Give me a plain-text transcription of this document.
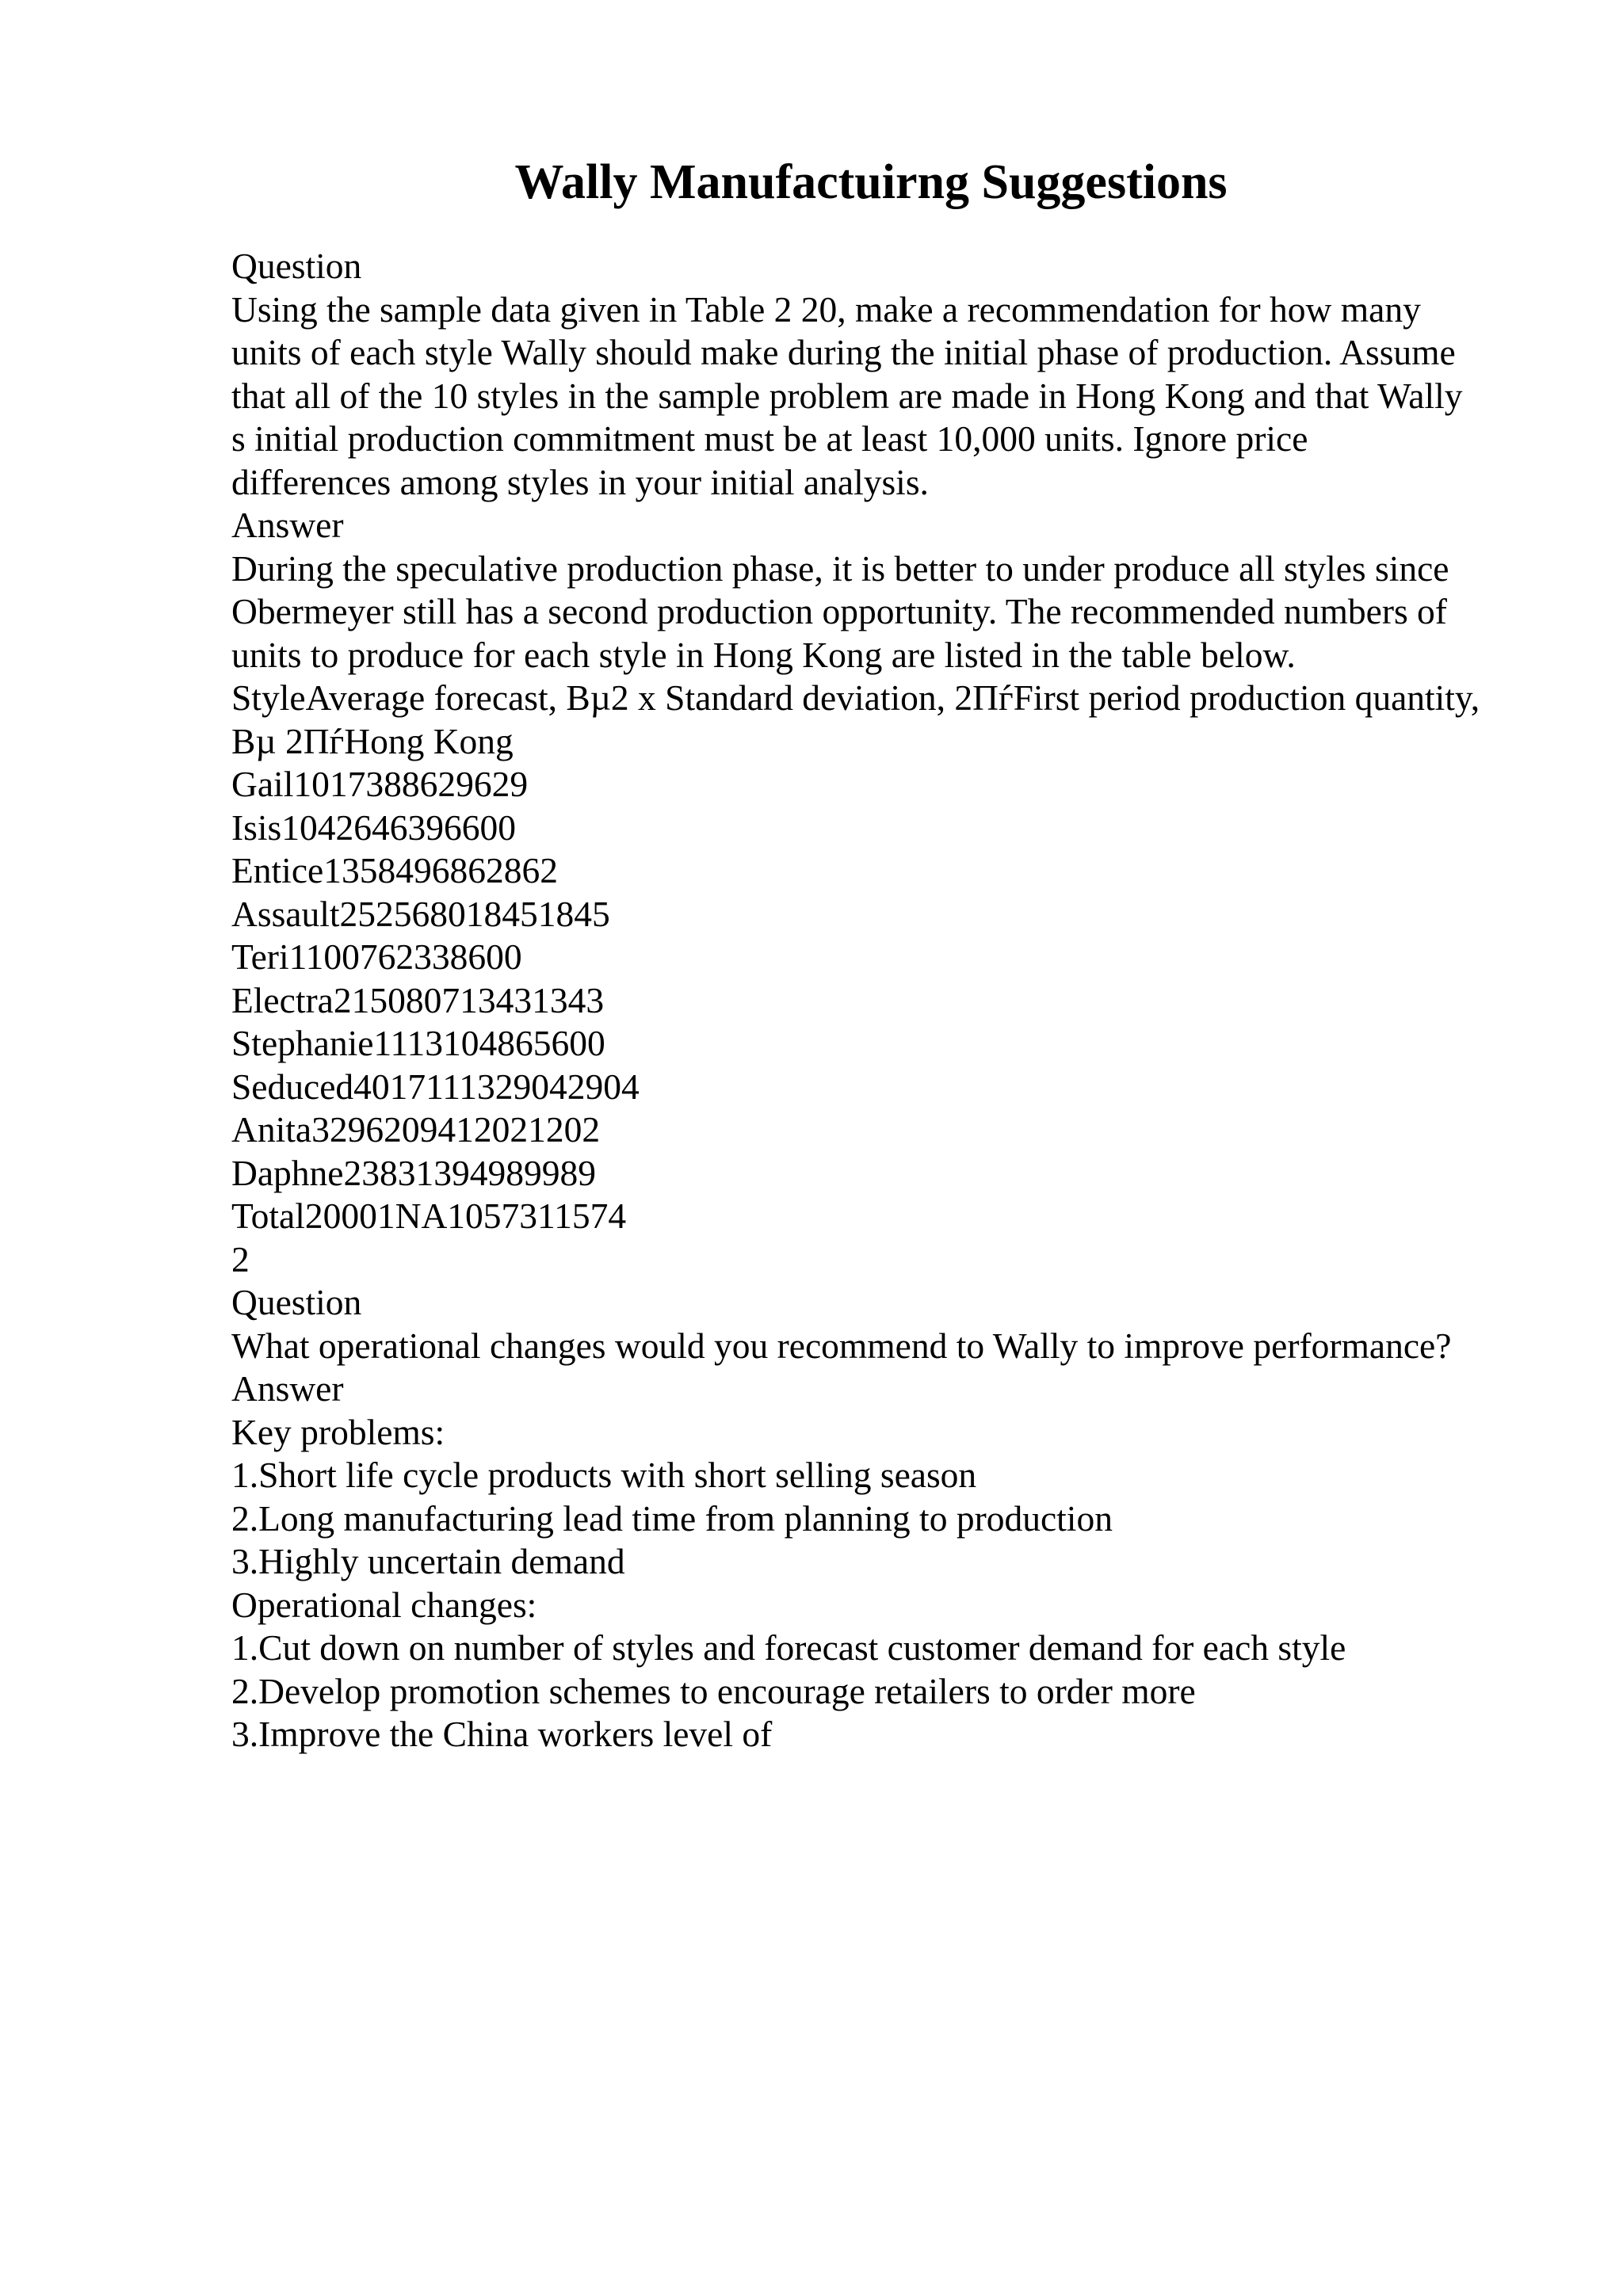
Wally Manufactuirng Suggestions

Question

Using the sample data given in Table 2 20, make a recommendation for how many

units of each style Wally should make during the initial phase of production. Assume

that all of the 10 styles in the sample problem are made in Hong Kong and that Wally

s initial production commitment must be at least 10,000 units. Ignore price

differences among styles in your initial analysis.

Answer

During the speculative production phase, it is better to under produce all styles since

Obermeyer still has a second production opportunity. The recommended numbers of

units to produce for each style in Hong Kong are listed in the table below.

StyleAverage forecast, Bµ2 x Standard deviation, 2ПѓFirst period production quantity,

Bµ 2ПѓHong Kong

Gail1017388629629

Isis1042646396600

Entice1358496862862

Assault252568018451845

Teri1100762338600

Electra215080713431343

Stephanie1113104865600

Seduced4017111329042904

Anita3296209412021202

Daphne23831394989989

Total20001NA1057311574

2

Question

What operational changes would you recommend to Wally to improve performance?

Answer

Key problems:

1.Short life cycle products with short selling season

2.Long manufacturing lead time from planning to production

3.Highly uncertain demand

Operational changes:

1.Cut down on number of styles and forecast customer demand for each style

2.Develop promotion schemes to encourage retailers to order more

3.Improve the China workers level of
